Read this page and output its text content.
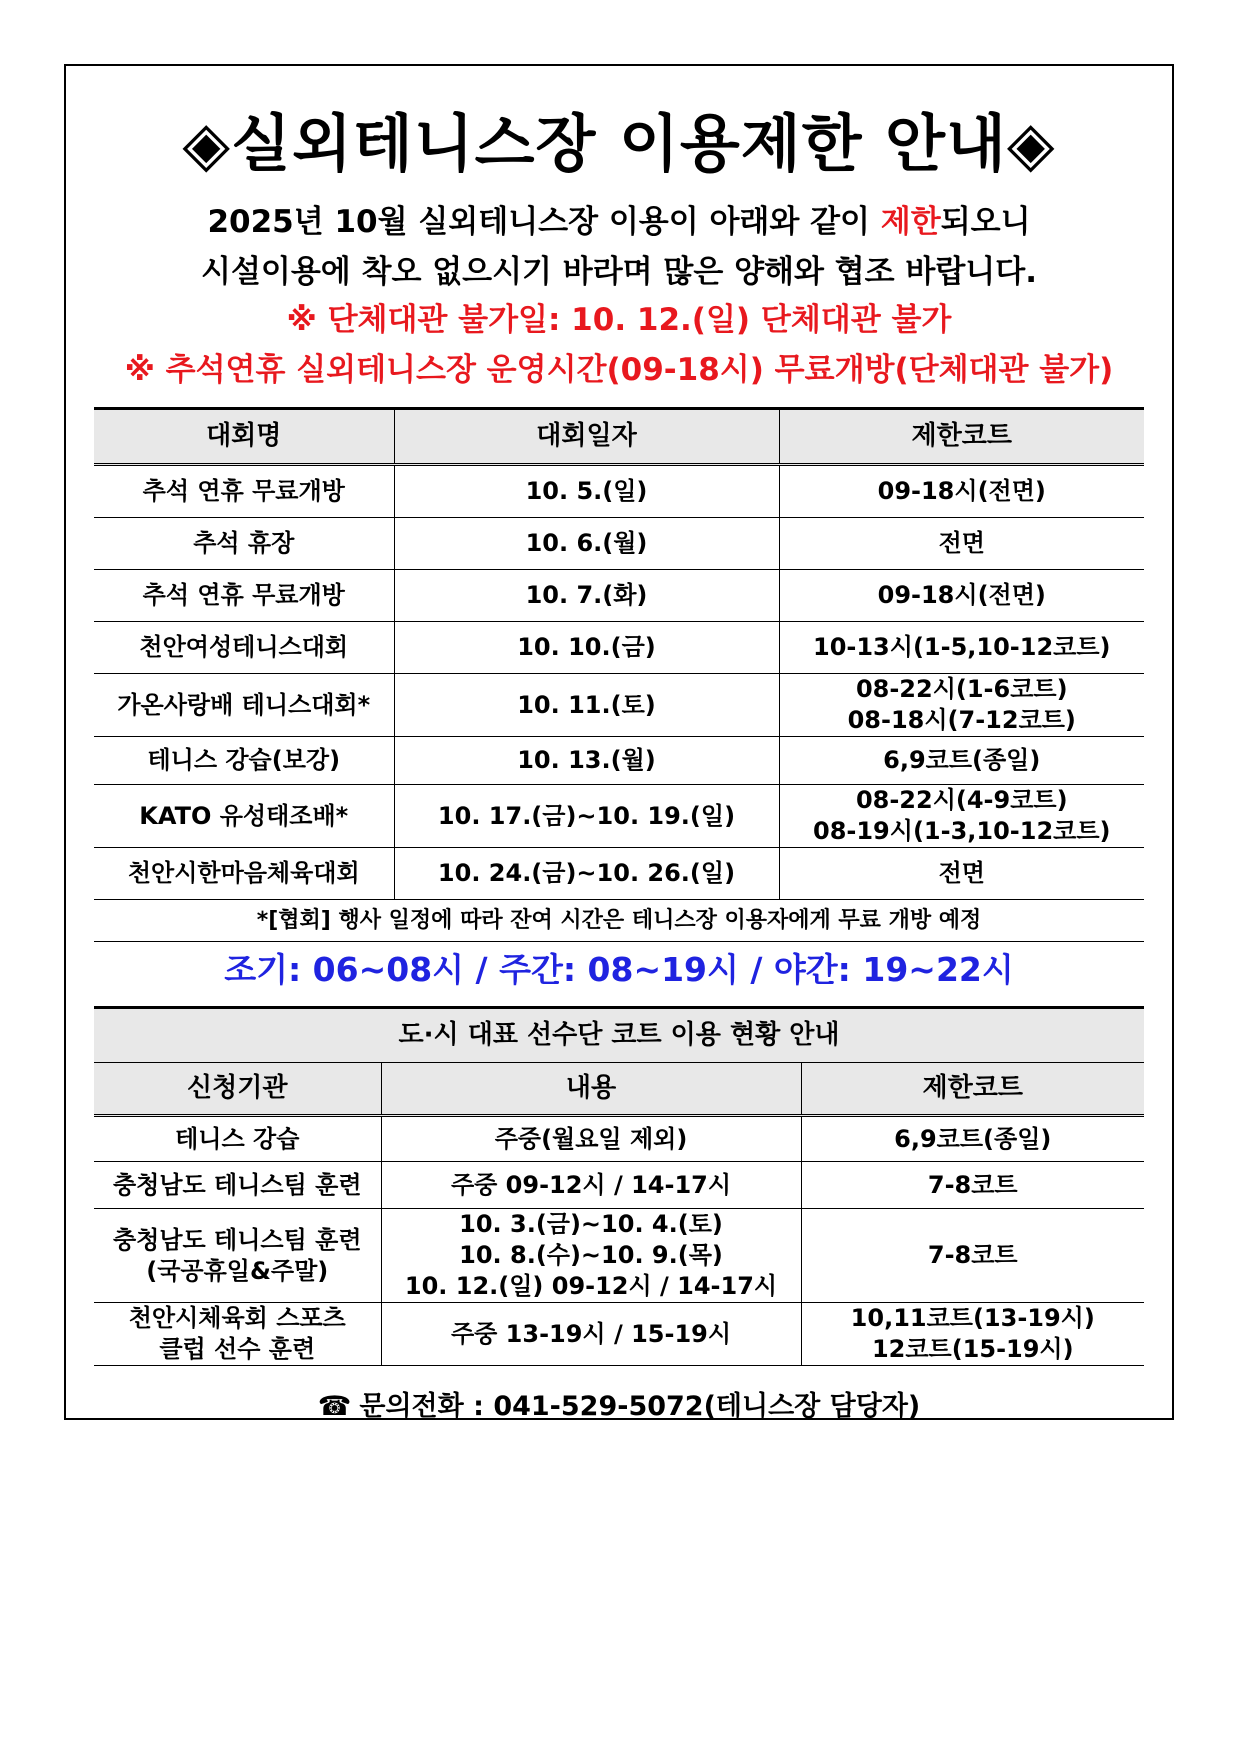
◈실외테니스장 이용제한 안내◈
2025년 10월 실외테니스장 이용이 아래와 같이 제한되오니
시설이용에 착오 없으시기 바라며 많은 양해와 협조 바랍니다.
※ 단체대관 불가일: 10. 12.(일) 단체대관 불가
※ 추석연휴 실외테니스장 운영시간(09-18시) 무료개방(단체대관 불가)
대회명	대회일자	제한코트
추석 연휴 무료개방	10. 5.(일)	09-18시(전면)
추석 휴장	10. 6.(월)	전면
추석 연휴 무료개방	10. 7.(화)	09-18시(전면)
천안여성테니스대회	10. 10.(금)	10-13시(1-5,10-12코트)
가온사랑배 테니스대회*	10. 11.(토)	08-22시(1-6코트)
08-18시(7-12코트)
테니스 강습(보강)	10. 13.(월)	6,9코트(종일)
KATO 유성태조배*	10. 17.(금)~10. 19.(일)	08-22시(4-9코트)
08-19시(1-3,10-12코트)
천안시한마음체육대회	10. 24.(금)~10. 26.(일)	전면
*[협회] 행사 일정에 따라 잔여 시간은 테니스장 이용자에게 무료 개방 예정		
조기: 06~08시 / 주간: 08~19시 / 야간: 19~22시
도·시 대표 선수단 코트 이용 현황 안내		
신청기관	내용	제한코트
테니스 강습	주중(월요일 제외)	6,9코트(종일)
충청남도 테니스팀 훈련	주중 09-12시 / 14-17시	7-8코트
충청남도 테니스팀 훈련
(국공휴일&주말)	10. 3.(금)~10. 4.(토)
10. 8.(수)~10. 9.(목)
10. 12.(일) 09-12시 / 14-17시	7-8코트
천안시체육회 스포츠
클럽 선수 훈련	주중 13-19시 / 15-19시	10,11코트(13-19시)
12코트(15-19시)
☎ 문의전화 : 041-529-5072(테니스장 담당자)
